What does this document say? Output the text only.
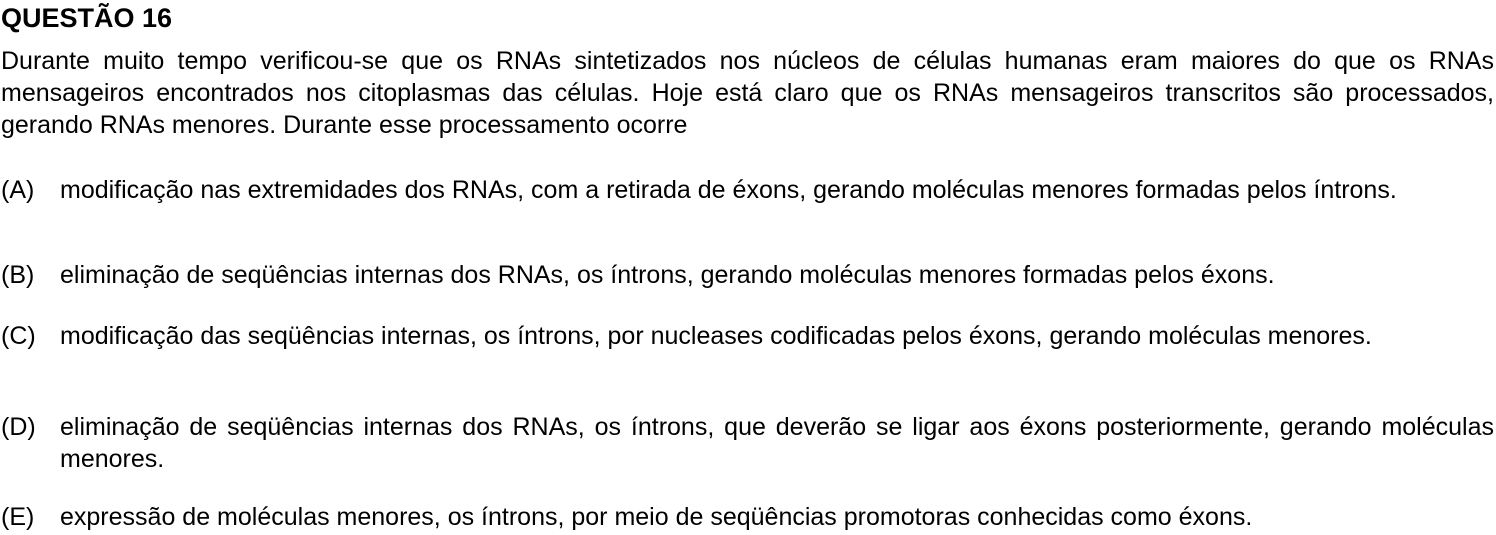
QUESTÃO 16
Durante muito tempo verificou-se que os RNAs sintetizados nos núcleos de células humanas eram maiores do que os RNAs mensageiros encontrados nos citoplasmas das células. Hoje está claro que os RNAs mensageiros transcritos são processados, gerando RNAs menores. Durante esse processamento ocorre
(A) modificação nas extremidades dos RNAs, com a retirada de éxons, gerando moléculas menores formadas pelos íntrons.
(B) eliminação de seqüências internas dos RNAs, os íntrons, gerando moléculas menores formadas pelos éxons.
(C) modificação das seqüências internas, os íntrons, por nucleases codificadas pelos éxons, gerando moléculas menores.
(D) eliminação de seqüências internas dos RNAs, os íntrons, que deverão se ligar aos éxons posteriormente, gerando moléculas menores.
(E) expressão de moléculas menores, os íntrons, por meio de seqüências promotoras conhecidas como éxons.
